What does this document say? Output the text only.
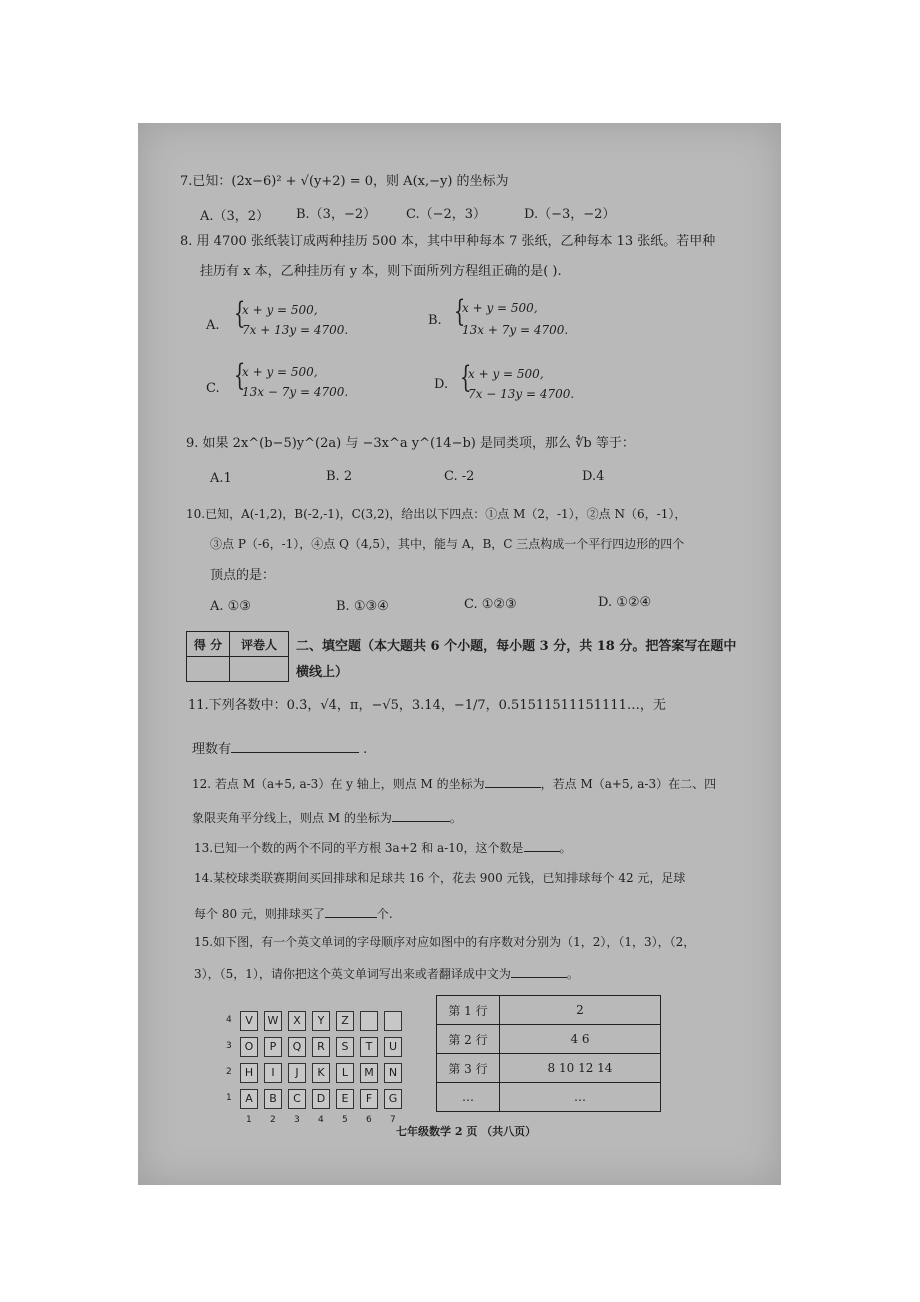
7.已知：(2x−6)² + √(y+2) = 0，则 A(x,−y) 的坐标为
A.（3，2） B.（3，−2） C.（−2，3）	D.（−3，−2）
8. 用 4700 张纸装订成两种挂历 500 本，其中甲种每本 7 张纸，乙种每本 13 张纸。若甲种
挂历有 x 本，乙种挂历有 y 本，则下面所列方程组正确的是( ).
A. {
x + y = 500,
7x + 13y = 4700.
B. {
x + y = 500,
13x + 7y = 4700.
C. {
x + y = 500,
13x − 7y = 4700.	D. {
x + y = 500,
7x − 13y = 4700.
9. 如果 2x^(b−5)y^(2a) 与 −3x^a y^(14−b) 是同类项，那么 ∜b 等于：
A.1	B. 2	C. -2	D.4
10.已知，A(-1,2)，B(-2,-1)，C(3,2)，给出以下四点：①点 M（2，-1），②点 N（6，-1），
③点 P（-6，-1），④点 Q（4,5），其中，能与 A，B，C 三点构成一个平行四边形的四个
顶点的是：
A. ①③	B. ①③④	C. ①②③	D. ①②④
得 分	评卷人
	二、填空题（本大题共 6 个小题，每小题 3 分，共 18 分。把答案写在题中
横线上）
11.下列各数中：0.3̇，√4，π，−√5，3.14，−1/7，0.51511511151111…，无
理数有	.
12. 若点 M（a+5, a-3）在 y 轴上，则点 M 的坐标为	，若点 M（a+5, a-3）在二、四
象限夹角平分线上，则点 M 的坐标为	。
13.已知一个数的两个不同的平方根 3a+2 和 a-10，这个数是	。
14.某校球类联赛期间买回排球和足球共 16 个，花去 900 元钱，已知排球每个 42 元，足球
每个 80 元，则排球买了	个.
15.如下图，有一个英文单词的字母顺序对应如图中的有序数对分别为（1，2），（1，3），（2，
3），（5，1），请你把这个英文单词写出来或者翻译成中文为	。
4	V	W	X	Y	Z
3	O	P	Q	R	S	T	U
2	H	I	J	K	L	M	N
1	A	B	C	D	E	F	G
1 2 3 4 5 6 7
第 1 行	2
第 2 行	4 6
第 3 行	8 10 12 14
…	…
七年级数学 2 页 （共八页）
